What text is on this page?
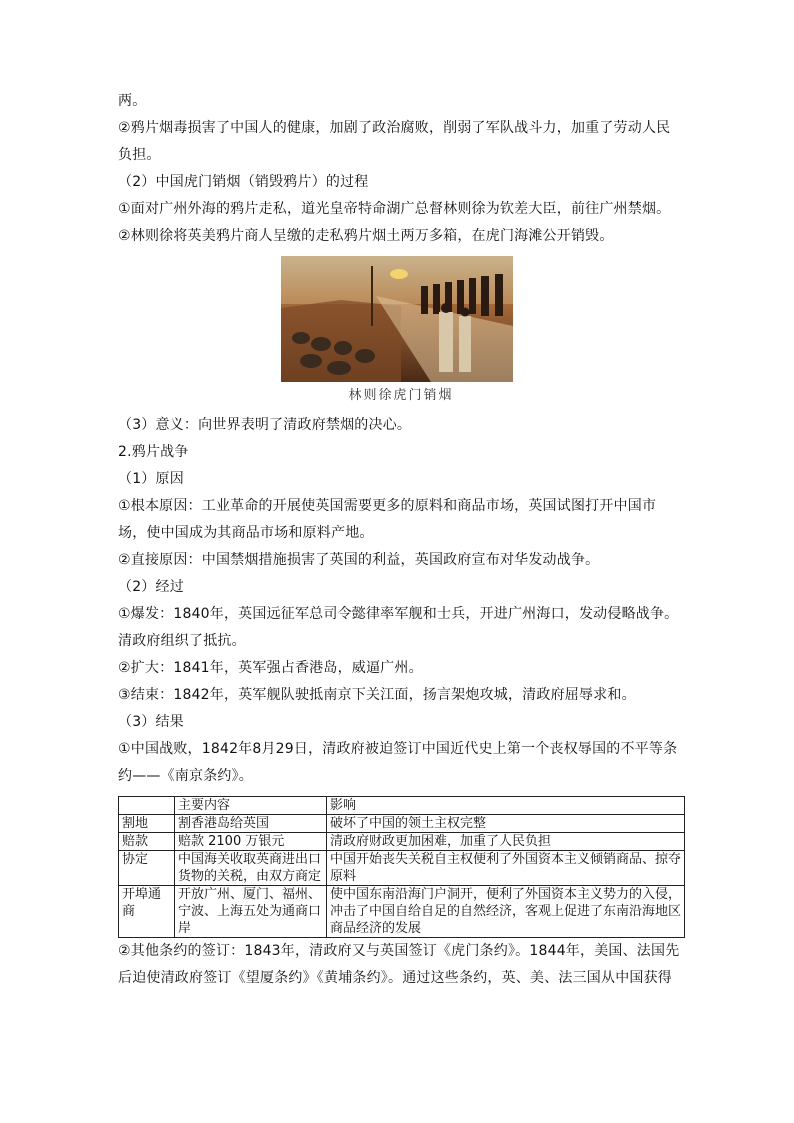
两。

②鸦片烟毒损害了中国人的健康，加剧了政治腐败，削弱了军队战斗力，加重了劳动人民负担。

（2）中国虎门销烟（销毁鸦片）的过程

①面对广州外海的鸦片走私，道光皇帝特命湖广总督林则徐为钦差大臣，前往广州禁烟。

②林则徐将英美鸦片商人呈缴的走私鸦片烟土两万多箱，在虎门海滩公开销毁。

林则徐虎门销烟

（3）意义：向世界表明了清政府禁烟的决心。

2.鸦片战争

（1）原因

①根本原因：工业革命的开展使英国需要更多的原料和商品市场，英国试图打开中国市场，使中国成为其商品市场和原料产地。

②直接原因：中国禁烟措施损害了英国的利益，英国政府宣布对华发动战争。

（2）经过

①爆发：1840年，英国远征军总司令懿律率军舰和士兵，开进广州海口，发动侵略战争。清政府组织了抵抗。

②扩大：1841年，英军强占香港岛，威逼广州。

③结束：1842年，英军舰队驶抵南京下关江面，扬言架炮攻城，清政府屈辱求和。

（3）结果

①中国战败，1842年8月29日，清政府被迫签订中国近代史上第一个丧权辱国的不平等条约——《南京条约》。

	主要内容	影响
割地	割香港岛给英国	破坏了中国的领土主权完整
赔款	赔款 2100 万银元	清政府财政更加困难，加重了人民负担
协定	中国海关收取英商进出口货物的关税，由双方商定	中国开始丧失关税自主权便利了外国资本主义倾销商品、掠夺原料
开埠通商	开放广州、厦门、福州、宁波、上海五处为通商口岸	使中国东南沿海门户洞开，便利了外国资本主义势力的入侵，冲击了中国自给自足的自然经济，客观上促进了东南沿海地区商品经济的发展

②其他条约的签订：1843年，清政府又与英国签订《虎门条约》。1844年，美国、法国先后迫使清政府签订《望厦条约》《黄埔条约》。通过这些条约，英、美、法三国从中国获得
